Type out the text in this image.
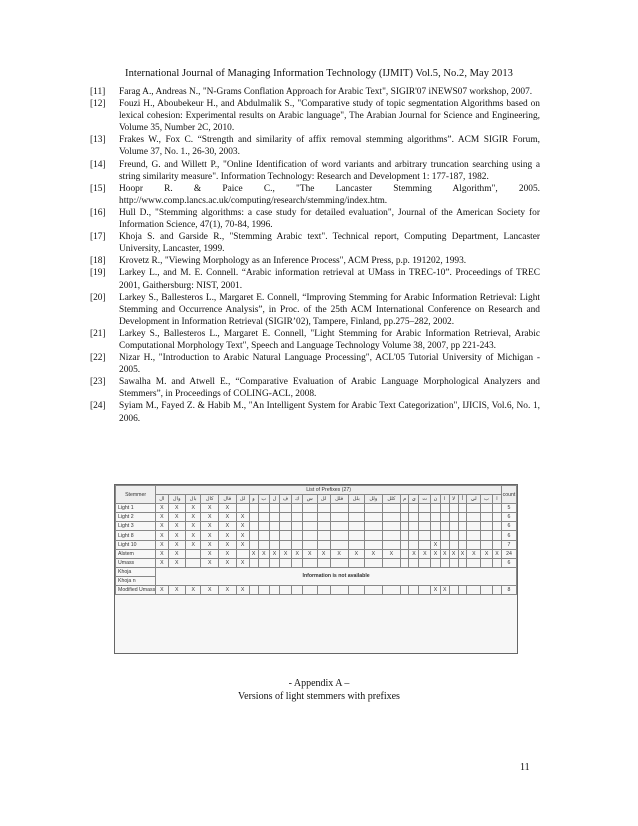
International Journal of Managing Information Technology (IJMIT) Vol.5, No.2, May 2013
[11]	Farag A., Andreas N., "N-Grams Conflation Approach for Arabic Text", SIGIR'07 iNEWS07 workshop, 2007.
[12]	Fouzi H., Aboubekeur H., and Abdulmalik S., "Comparative study of topic segmentation Algorithms based on lexical cohesion: Experimental results on Arabic language", The Arabian Journal for Science and Engineering, Volume 35, Number 2C, 2010.
[13]	Frakes W., Fox C. “Strength and similarity of affix removal stemming algorithms”. ACM SIGIR Forum, Volume 37, No. 1., 26-30, 2003.
[14]	Freund, G. and Willett P., "Online Identification of word variants and arbitrary truncation searching using a string similarity measure". Information Technology: Research and Development 1: 177-187, 1982.
[15]	Hoopr R. & Paice C., "The Lancaster Stemming Algorithm", 2005. http://www.comp.lancs.ac.uk/computing/research/stemming/index.htm.
[16]	Hull D., "Stemming algorithms: a case study for detailed evaluation", Journal of the American Society for Information Science, 47(1), 70-84, 1996.
[17]	Khoja S. and Garside R., "Stemming Arabic text". Technical report, Computing Department, Lancaster University, Lancaster, 1999.
[18]	Krovetz R., "Viewing Morphology as an Inference Process", ACM Press, p.p. 191202, 1993.
[19]	Larkey L., and M. E. Connell. “Arabic information retrieval at UMass in TREC-10”. Proceedings of TREC 2001, Gaithersburg: NIST, 2001.
[20]	Larkey S., Ballesteros L., Margaret E. Connell, “Improving Stemming for Arabic Information Retrieval: Light Stemming and Occurrence Analysis”, in Proc. of the 25th ACM International Conference on Research and Development in Information Retrieval (SIGIR’02), Tampere, Finland, pp.275–282, 2002.
[21]	Larkey S., Ballesteros L., Margaret E. Connell, "Light Stemming for Arabic Information Retrieval, Arabic Computational Morphology Text", Speech and Language Technology Volume 38, 2007, pp 221-243.
[22]	Nizar H., "Introduction to Arabic Natural Language Processing", ACL'05 Tutorial University of Michigan - 2005.
[23]	Sawalha M. and Atwell E., “Comparative Evaluation of Arabic Language Morphological Analyzers and Stemmers”, in Proceedings of COLING-ACL, 2008.
[24]	Syiam M., Fayed Z. & Habib M., "An Intelligent System for Arabic Text Categorization", IJICIS, Vol.6, No. 1, 2006.
Stemmer	List of Prefixes (27)																											count
	ال	وال	بال	كال	فال	لل	و	ب	ل	ف	ك	س	لل	فلل	بلل	ولل	كلل	م	ي	ت	ن	ا	لا	أ	لي	ب	ا	
Light 1	X	X	X	X	X																							5
Light 2	X	X	X	X	X	X																						6
Light 3	X	X	X	X	X	X																						6
Light 8	X	X	X	X	X	X																						6
Light 10	X	X	X	X	X	X															X							7
Alstem	X	X		X	X		X	X	X	X	X	X	X	X	X	X	X		X	X	X	X	X	X	X	X	X	24
Umass	X	X		X	X	X																						6
Khoja	Information is not available																											
Khoja n																												
Modified Umass	X	X	X	X	X	X															X	X						8
- Appendix A –
Versions of light stemmers with prefixes
11
